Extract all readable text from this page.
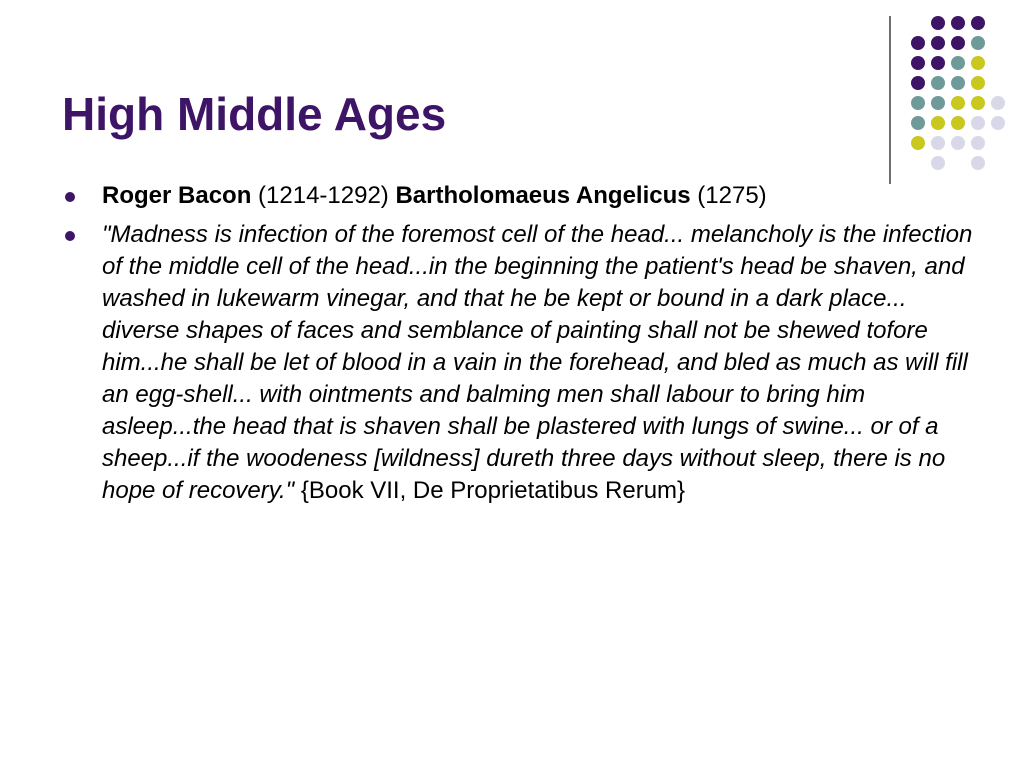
High Middle Ages
Roger Bacon (1214-1292) Bartholomaeus Angelicus (1275)
"Madness is infection of the foremost cell of the head... melancholy is the infection of the middle cell of the head...in the beginning the patient's head be shaven, and washed in lukewarm vinegar, and that he be kept or bound in a dark place... diverse shapes of faces and semblance of painting shall not be shewed tofore him...he shall be let of blood in a vain in the forehead, and bled as much as will fill an egg-shell... with ointments and balming men shall labour to bring him asleep...the head that is shaven shall be plastered with lungs of swine... or of a sheep...if the woodeness [wildness] dureth three days without sleep, there is no hope of recovery." {Book VII, De Proprietatibus Rerum}
